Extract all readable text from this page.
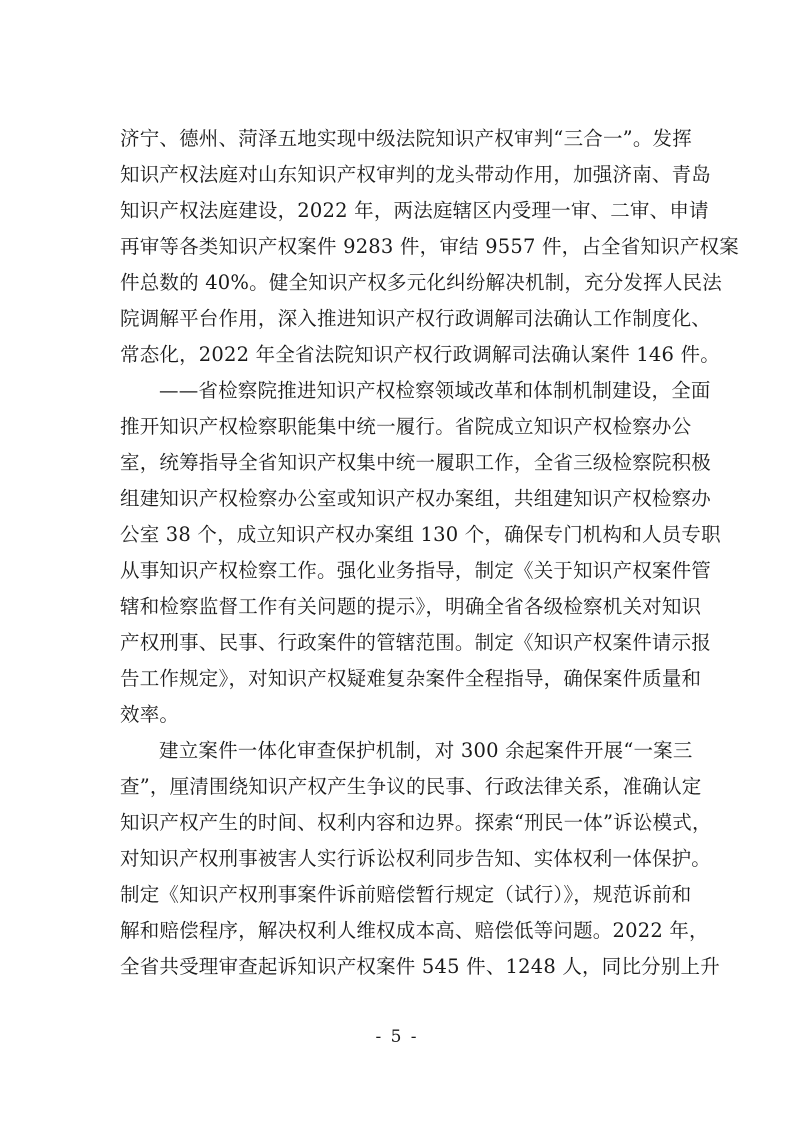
济宁、德州、菏泽五地实现中级法院知识产权审判“三合一”。发挥
知识产权法庭对山东知识产权审判的龙头带动作用，加强济南、青岛
知识产权法庭建设，2022 年，两法庭辖区内受理一审、二审、申请
再审等各类知识产权案件 9283 件，审结 9557 件，占全省知识产权案
件总数的 40%。健全知识产权多元化纠纷解决机制，充分发挥人民法
院调解平台作用，深入推进知识产权行政调解司法确认工作制度化、
常态化，2022 年全省法院知识产权行政调解司法确认案件 146 件。
——省检察院推进知识产权检察领域改革和体制机制建设，全面
推开知识产权检察职能集中统一履行。省院成立知识产权检察办公
室，统筹指导全省知识产权集中统一履职工作，全省三级检察院积极
组建知识产权检察办公室或知识产权办案组，共组建知识产权检察办
公室 38 个，成立知识产权办案组 130 个，确保专门机构和人员专职
从事知识产权检察工作。强化业务指导，制定《关于知识产权案件管
辖和检察监督工作有关问题的提示》，明确全省各级检察机关对知识
产权刑事、民事、行政案件的管辖范围。制定《知识产权案件请示报
告工作规定》，对知识产权疑难复杂案件全程指导，确保案件质量和
效率。
建立案件一体化审查保护机制，对 300 余起案件开展“一案三
查”，厘清围绕知识产权产生争议的民事、行政法律关系，准确认定
知识产权产生的时间、权利内容和边界。探索“刑民一体”诉讼模式，
对知识产权刑事被害人实行诉讼权利同步告知、实体权利一体保护。
制定《知识产权刑事案件诉前赔偿暂行规定（试行）》，规范诉前和
解和赔偿程序，解决权利人维权成本高、赔偿低等问题。2022 年，
全省共受理审查起诉知识产权案件 545 件、1248 人，同比分别上升
- 5 -
